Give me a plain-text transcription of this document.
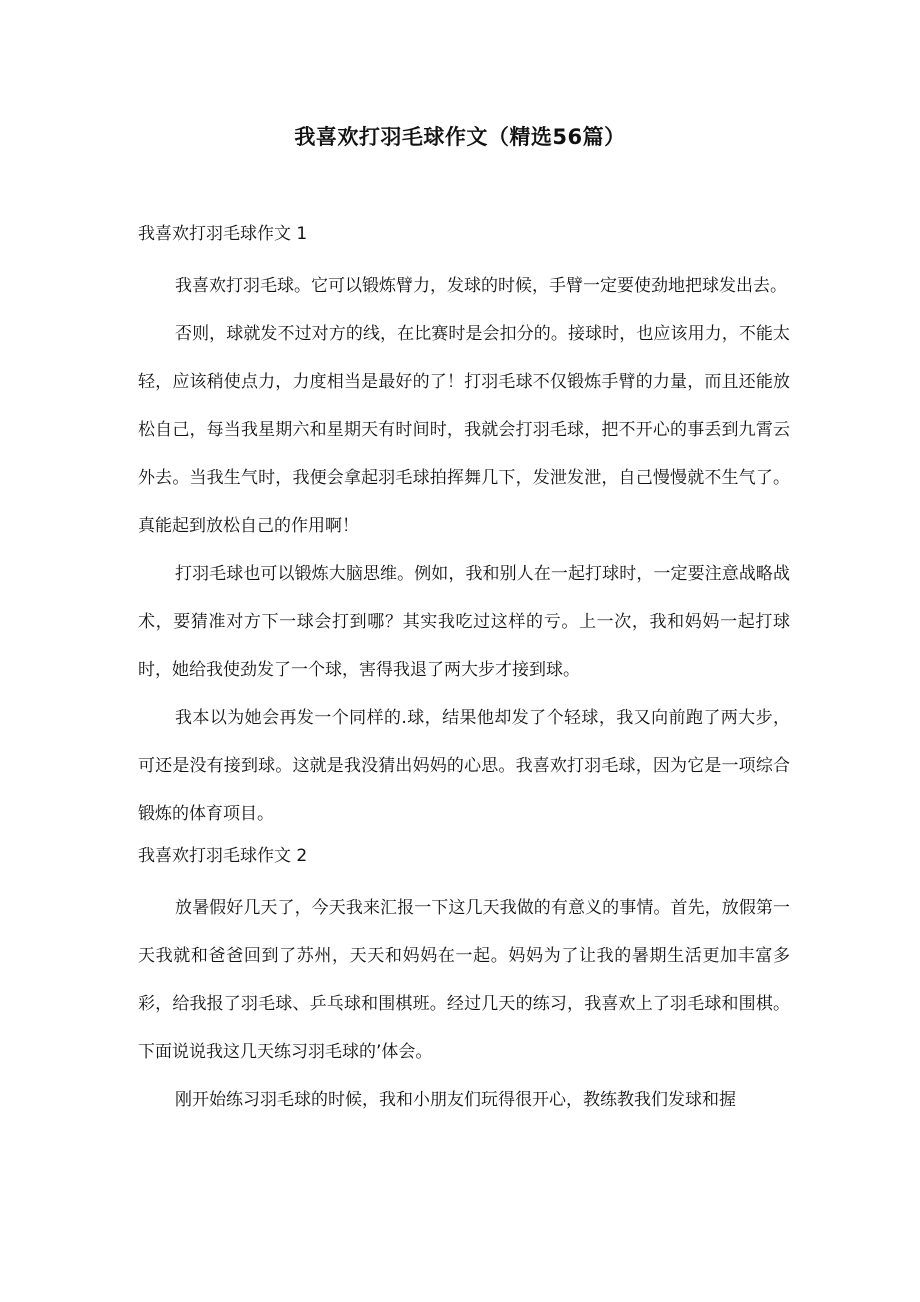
我喜欢打羽毛球作文（精选56篇）
我喜欢打羽毛球作文 1

我喜欢打羽毛球。它可以锻炼臂力，发球的时候，手臂一定要使劲地把球发出去。

否则，球就发不过对方的线，在比赛时是会扣分的。接球时，也应该用力，不能太轻，应该稍使点力，力度相当是最好的了！打羽毛球不仅锻炼手臂的力量，而且还能放松自己，每当我星期六和星期天有时间时，我就会打羽毛球，把不开心的事丢到九霄云外去。当我生气时，我便会拿起羽毛球拍挥舞几下，发泄发泄，自己慢慢就不生气了。真能起到放松自己的作用啊！

打羽毛球也可以锻炼大脑思维。例如，我和别人在一起打球时，一定要注意战略战术，要猜准对方下一球会打到哪？其实我吃过这样的亏。上一次，我和妈妈一起打球时，她给我使劲发了一个球，害得我退了两大步才接到球。

我本以为她会再发一个同样的.球，结果他却发了个轻球，我又向前跑了两大步，可还是没有接到球。这就是我没猜出妈妈的心思。我喜欢打羽毛球，因为它是一项综合锻炼的体育项目。

我喜欢打羽毛球作文 2

放暑假好几天了，今天我来汇报一下这几天我做的有意义的事情。首先，放假第一天我就和爸爸回到了苏州，天天和妈妈在一起。妈妈为了让我的暑期生活更加丰富多彩，给我报了羽毛球、乒乓球和围棋班。经过几天的练习，我喜欢上了羽毛球和围棋。下面说说我这几天练习羽毛球的’体会。

刚开始练习羽毛球的时候，我和小朋友们玩得很开心，教练教我们发球和握
